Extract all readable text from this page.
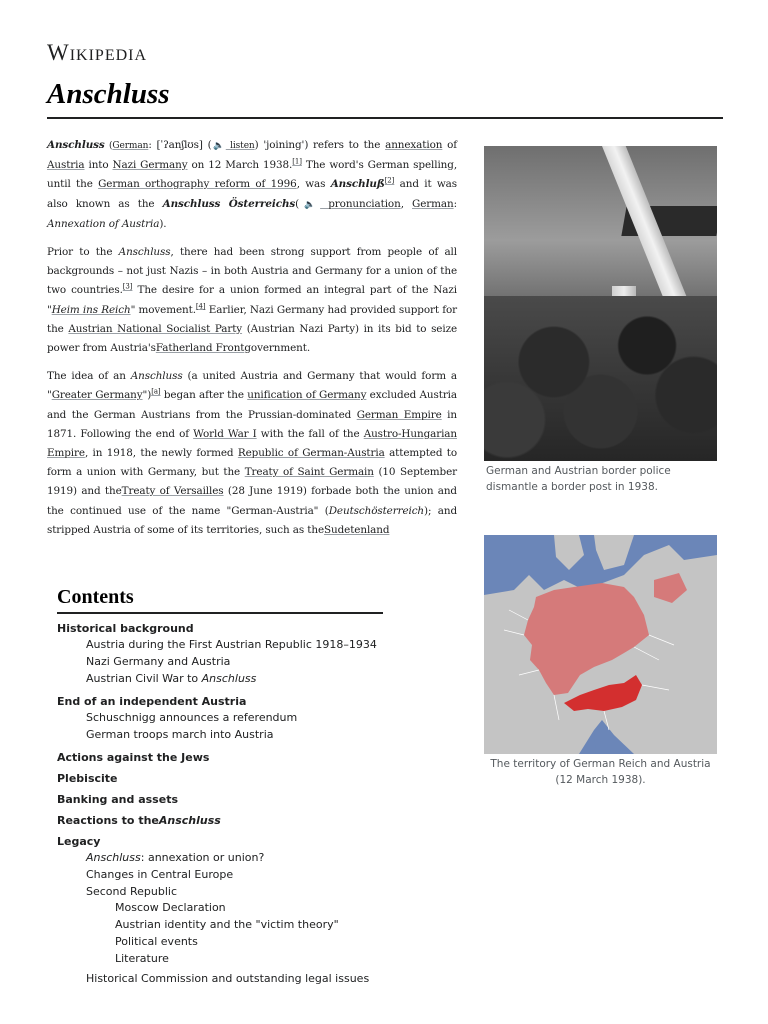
Wikipedia
Anschluss

Anschluss (German: [ˈʔanʃlʊs] (🔈 listen) 'joining') refers to the annexation of Austria into Nazi Germany on 12 March 1938.[1] The word's German spelling, until the German orthography reform of 1996, was Anschluß[2] and it was also known as the Anschluss Österreichs(🔈 pronunciation, German: Annexation of Austria).

Prior to the Anschluss, there had been strong support from people of all backgrounds – not just Nazis – in both Austria and Germany for a union of the two countries.[3] The desire for a union formed an integral part of the Nazi "Heim ins Reich" movement.[4] Earlier, Nazi Germany had provided support for the Austrian National Socialist Party (Austrian Nazi Party) in its bid to seize power from Austria'sFatherland Frontgovernment.

The idea of an Anschluss (a united Austria and Germany that would form a "Greater Germany")[a] began after the unification of Germany excluded Austria and the German Austrians from the Prussian-dominated German Empire in 1871. Following the end of World War I with the fall of the Austro-Hungarian Empire, in 1918, the newly formed Republic of German-Austria attempted to form a union with Germany, but the Treaty of Saint Germain (10 September 1919) and theTreaty of Versailles (28 June 1919) forbade both the union and the continued use of the name "German-Austria" (Deutschösterreich); and stripped Austria of some of its territories, such as theSudetenland

German and Austrian border police dismantle a border post in 1938.
The territory of German Reich and Austria (12 March 1938).
Contents
Historical background
Austria during the First Austrian Republic 1918–1934
Nazi Germany and Austria
Austrian Civil War to Anschluss
End of an independent Austria
Schuschnigg announces a referendum
German troops march into Austria
Actions against the Jews
Plebiscite
Banking and assets
Reactions to theAnschluss
Legacy
Anschluss: annexation or union?
Changes in Central Europe
Second Republic
Moscow Declaration
Austrian identity and the "victim theory"
Political events
Literature
Historical Commission and outstanding legal issues
